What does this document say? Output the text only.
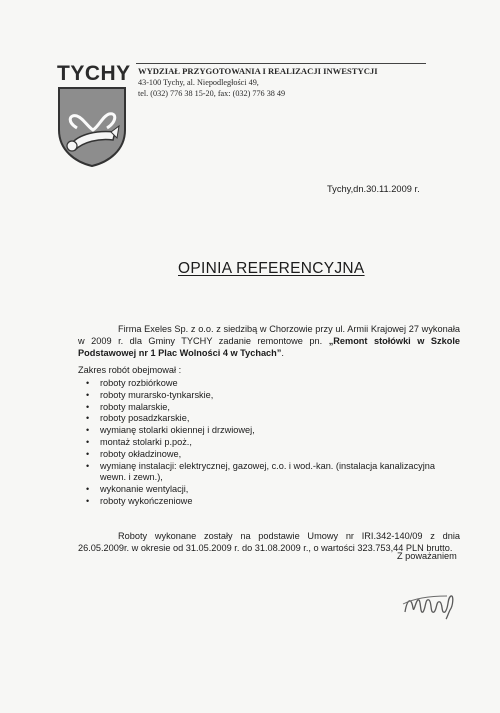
TYCHY WYDZIAŁ PRZYGOTOWANIA I REALIZACJI INWESTYCJI
43-100 Tychy, al. Niepodległości 49,
tel. (032) 776 38 15-20, fax: (032) 776 38 49
Tychy,dn.30.11.2009 r.
OPINIA REFERENCYJNA
Firma Exeles Sp. z o.o. z siedzibą w Chorzowie przy ul. Armii Krajowej 27 wykonała w 2009 r. dla Gminy TYCHY zadanie remontowe pn. „Remont stołówki w Szkole Podstawowej nr 1 Plac Wolności 4 w Tychach”.
Zakres robót obejmował :
• roboty rozbiórkowe
• roboty murarsko-tynkarskie,
• roboty malarskie,
• roboty posadzkarskie,
• wymianę stolarki okiennej i drzwiowej,
• montaż stolarki p.poż.,
• roboty okładzinowe,
• wymianę instalacji: elektrycznej, gazowej, c.o. i wod.-kan. (instalacja kanalizacyjna wewn. i zewn.),
• wykonanie wentylacji,
• roboty wykończeniowe
Roboty wykonane zostały na podstawie Umowy nr IRI.342-140/09 z dnia 26.05.2009r. w okresie od 31.05.2009 r. do 31.08.2009 r., o wartości 323.753,44 PLN brutto.
Z poważaniem
